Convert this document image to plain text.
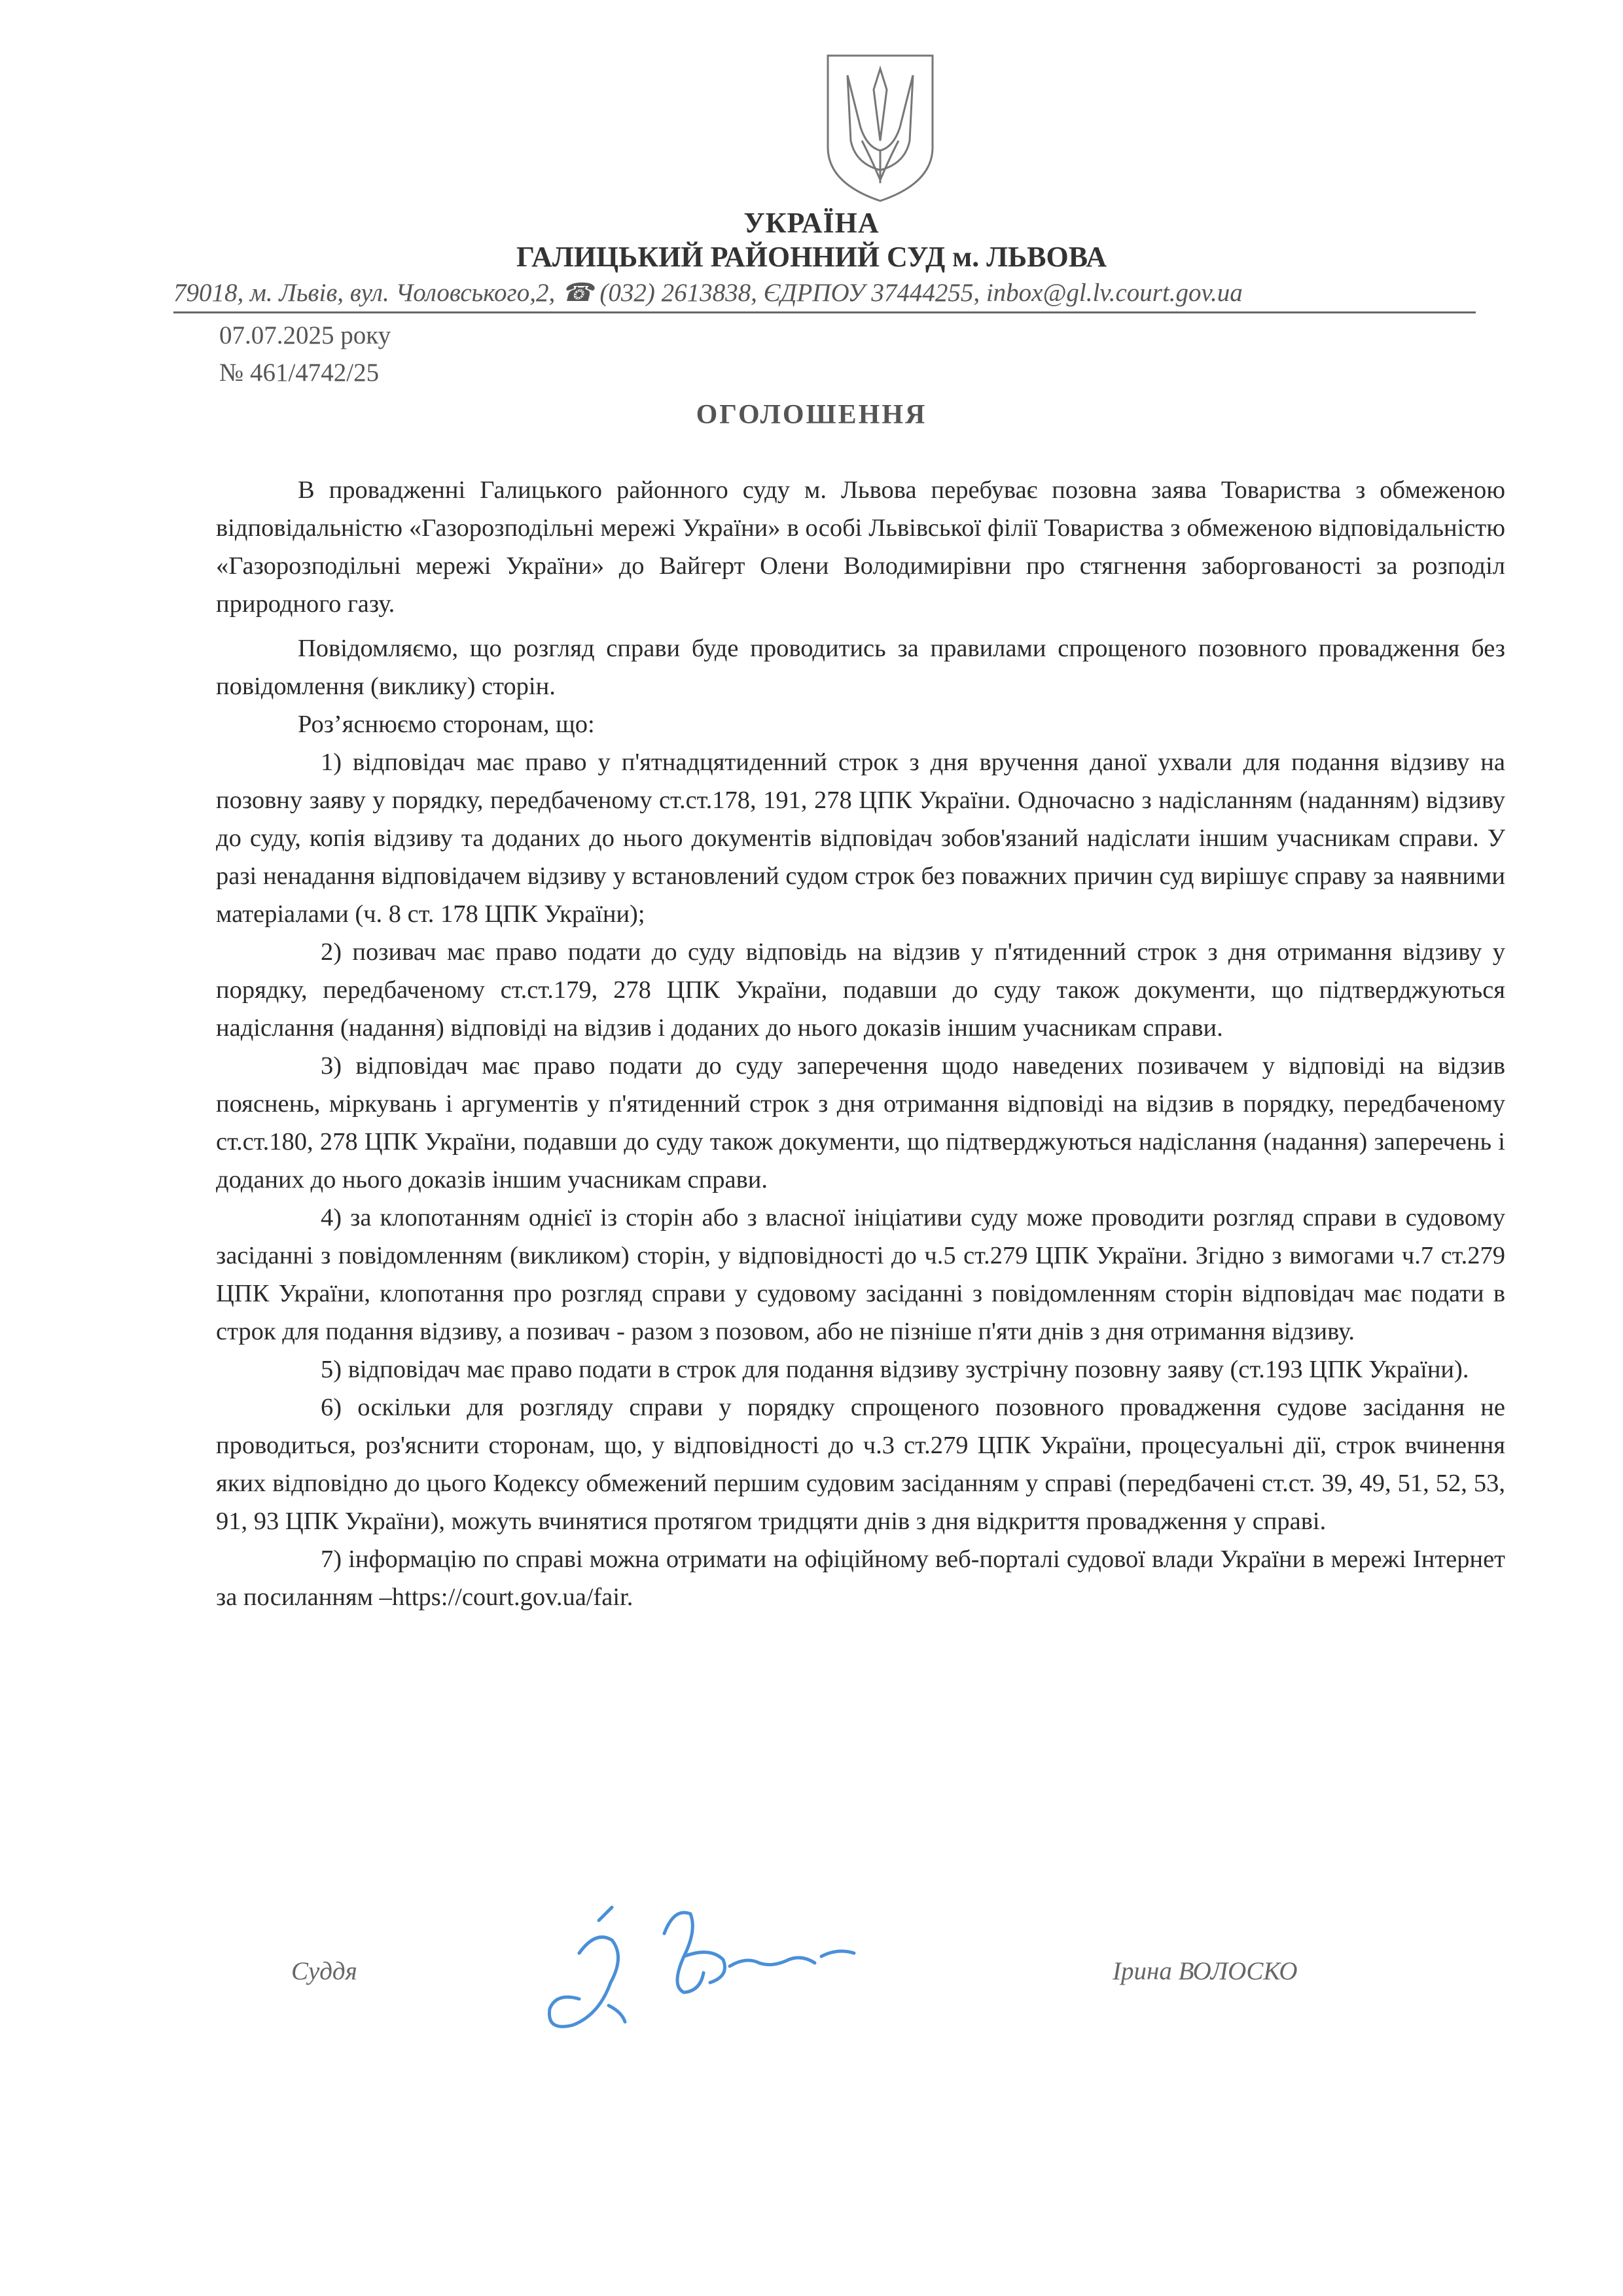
УКРАЇНА
ГАЛИЦЬКИЙ РАЙОННИЙ СУД м. ЛЬВОВА
79018, м. Львів, вул. Чоловського,2, ☎ (032) 2613838, ЄДРПОУ 37444255, inbox@gl.lv.court.gov.ua
07.07.2025 року
№ 461/4742/25
ОГОЛОШЕННЯ

В провадженні Галицького районного суду м. Львова перебуває позовна заява Товариства з обмеженою відповідальністю «Газорозподільні мережі України» в особі Львівської філії Товариства з обмеженою відповідальністю «Газорозподільні мережі України» до Вайгерт Олени Володимирівни про стягнення заборгованості за розподіл природного газу.

Повідомляємо, що розгляд справи буде проводитись за правилами спрощеного позовного провадження без повідомлення (виклику) сторін.

Роз’яснюємо сторонам, що:

1) відповідач має право у п'ятнадцятиденний строк з дня вручення даної ухвали для подання відзиву на позовну заяву у порядку, передбаченому ст.ст.178, 191, 278 ЦПК України. Одночасно з надісланням (наданням) відзиву до суду, копія відзиву та доданих до нього документів відповідач зобов'язаний надіслати іншим учасникам справи. У разі ненадання відповідачем відзиву у встановлений судом строк без поважних причин суд вирішує справу за наявними матеріалами (ч. 8 ст. 178 ЦПК України);

2) позивач має право подати до суду відповідь на відзив у п'ятиденний строк з дня отримання відзиву у порядку, передбаченому ст.ст.179, 278 ЦПК України, подавши до суду також документи, що підтверджуються надіслання (надання) відповіді на відзив і доданих до нього доказів іншим учасникам справи.

3) відповідач має право подати до суду заперечення щодо наведених позивачем у відповіді на відзив пояснень, міркувань і аргументів у п'ятиденний строк з дня отримання відповіді на відзив в порядку, передбаченому ст.ст.180, 278 ЦПК України, подавши до суду також документи, що підтверджуються надіслання (надання) заперечень і доданих до нього доказів іншим учасникам справи.

4) за клопотанням однієї із сторін або з власної ініціативи суду може проводити розгляд справи в судовому засіданні з повідомленням (викликом) сторін, у відповідності до ч.5 ст.279 ЦПК України. Згідно з вимогами ч.7 ст.279 ЦПК України, клопотання про розгляд справи у судовому засіданні з повідомленням сторін відповідач має подати в строк для подання відзиву, а позивач - разом з позовом, або не пізніше п'яти днів з дня отримання відзиву.

5) відповідач має право подати в строк для подання відзиву зустрічну позовну заяву (ст.193 ЦПК України).

6) оскільки для розгляду справи у порядку спрощеного позовного провадження судове засідання не проводиться, роз'яснити сторонам, що, у відповідності до ч.3 ст.279 ЦПК України, процесуальні дії, строк вчинення яких відповідно до цього Кодексу обмежений першим судовим засіданням у справі (передбачені ст.ст. 39, 49, 51, 52, 53, 91, 93 ЦПК України), можуть вчинятися протягом тридцяти днів з дня відкриття провадження у справі.

7) інформацію по справі можна отримати на офіційному веб-порталі судової влади України в мережі Інтернет за посиланням –https://court.gov.ua/fair.

Суддя	Ірина ВОЛОСКО
